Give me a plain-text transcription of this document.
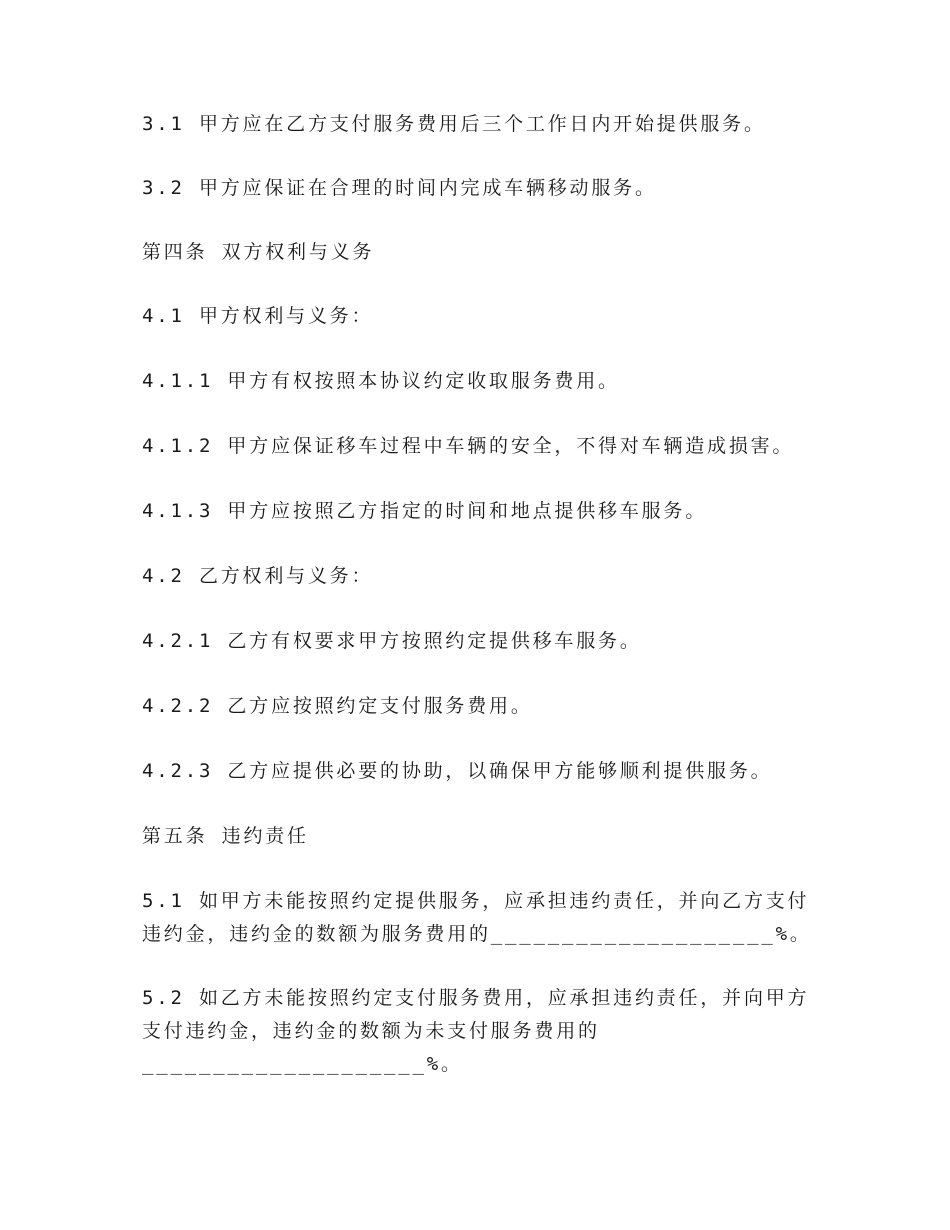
3.1 甲方应在乙方支付服务费用后三个工作日内开始提供服务。
3.2 甲方应保证在合理的时间内完成车辆移动服务。
第四条 双方权利与义务
4.1 甲方权利与义务：
4.1.1 甲方有权按照本协议约定收取服务费用。
4.1.2 甲方应保证移车过程中车辆的安全，不得对车辆造成损害。
4.1.3 甲方应按照乙方指定的时间和地点提供移车服务。
4.2 乙方权利与义务：
4.2.1 乙方有权要求甲方按照约定提供移车服务。
4.2.2 乙方应按照约定支付服务费用。
4.2.3 乙方应提供必要的协助，以确保甲方能够顺利提供服务。
第五条 违约责任
5.1 如甲方未能按照约定提供服务，应承担违约责任，并向乙方支付
违约金，违约金的数额为服务费用的____________________%。
5.2 如乙方未能按照约定支付服务费用，应承担违约责任，并向甲方
支付违约金，违约金的数额为未支付服务费用的
____________________%。
